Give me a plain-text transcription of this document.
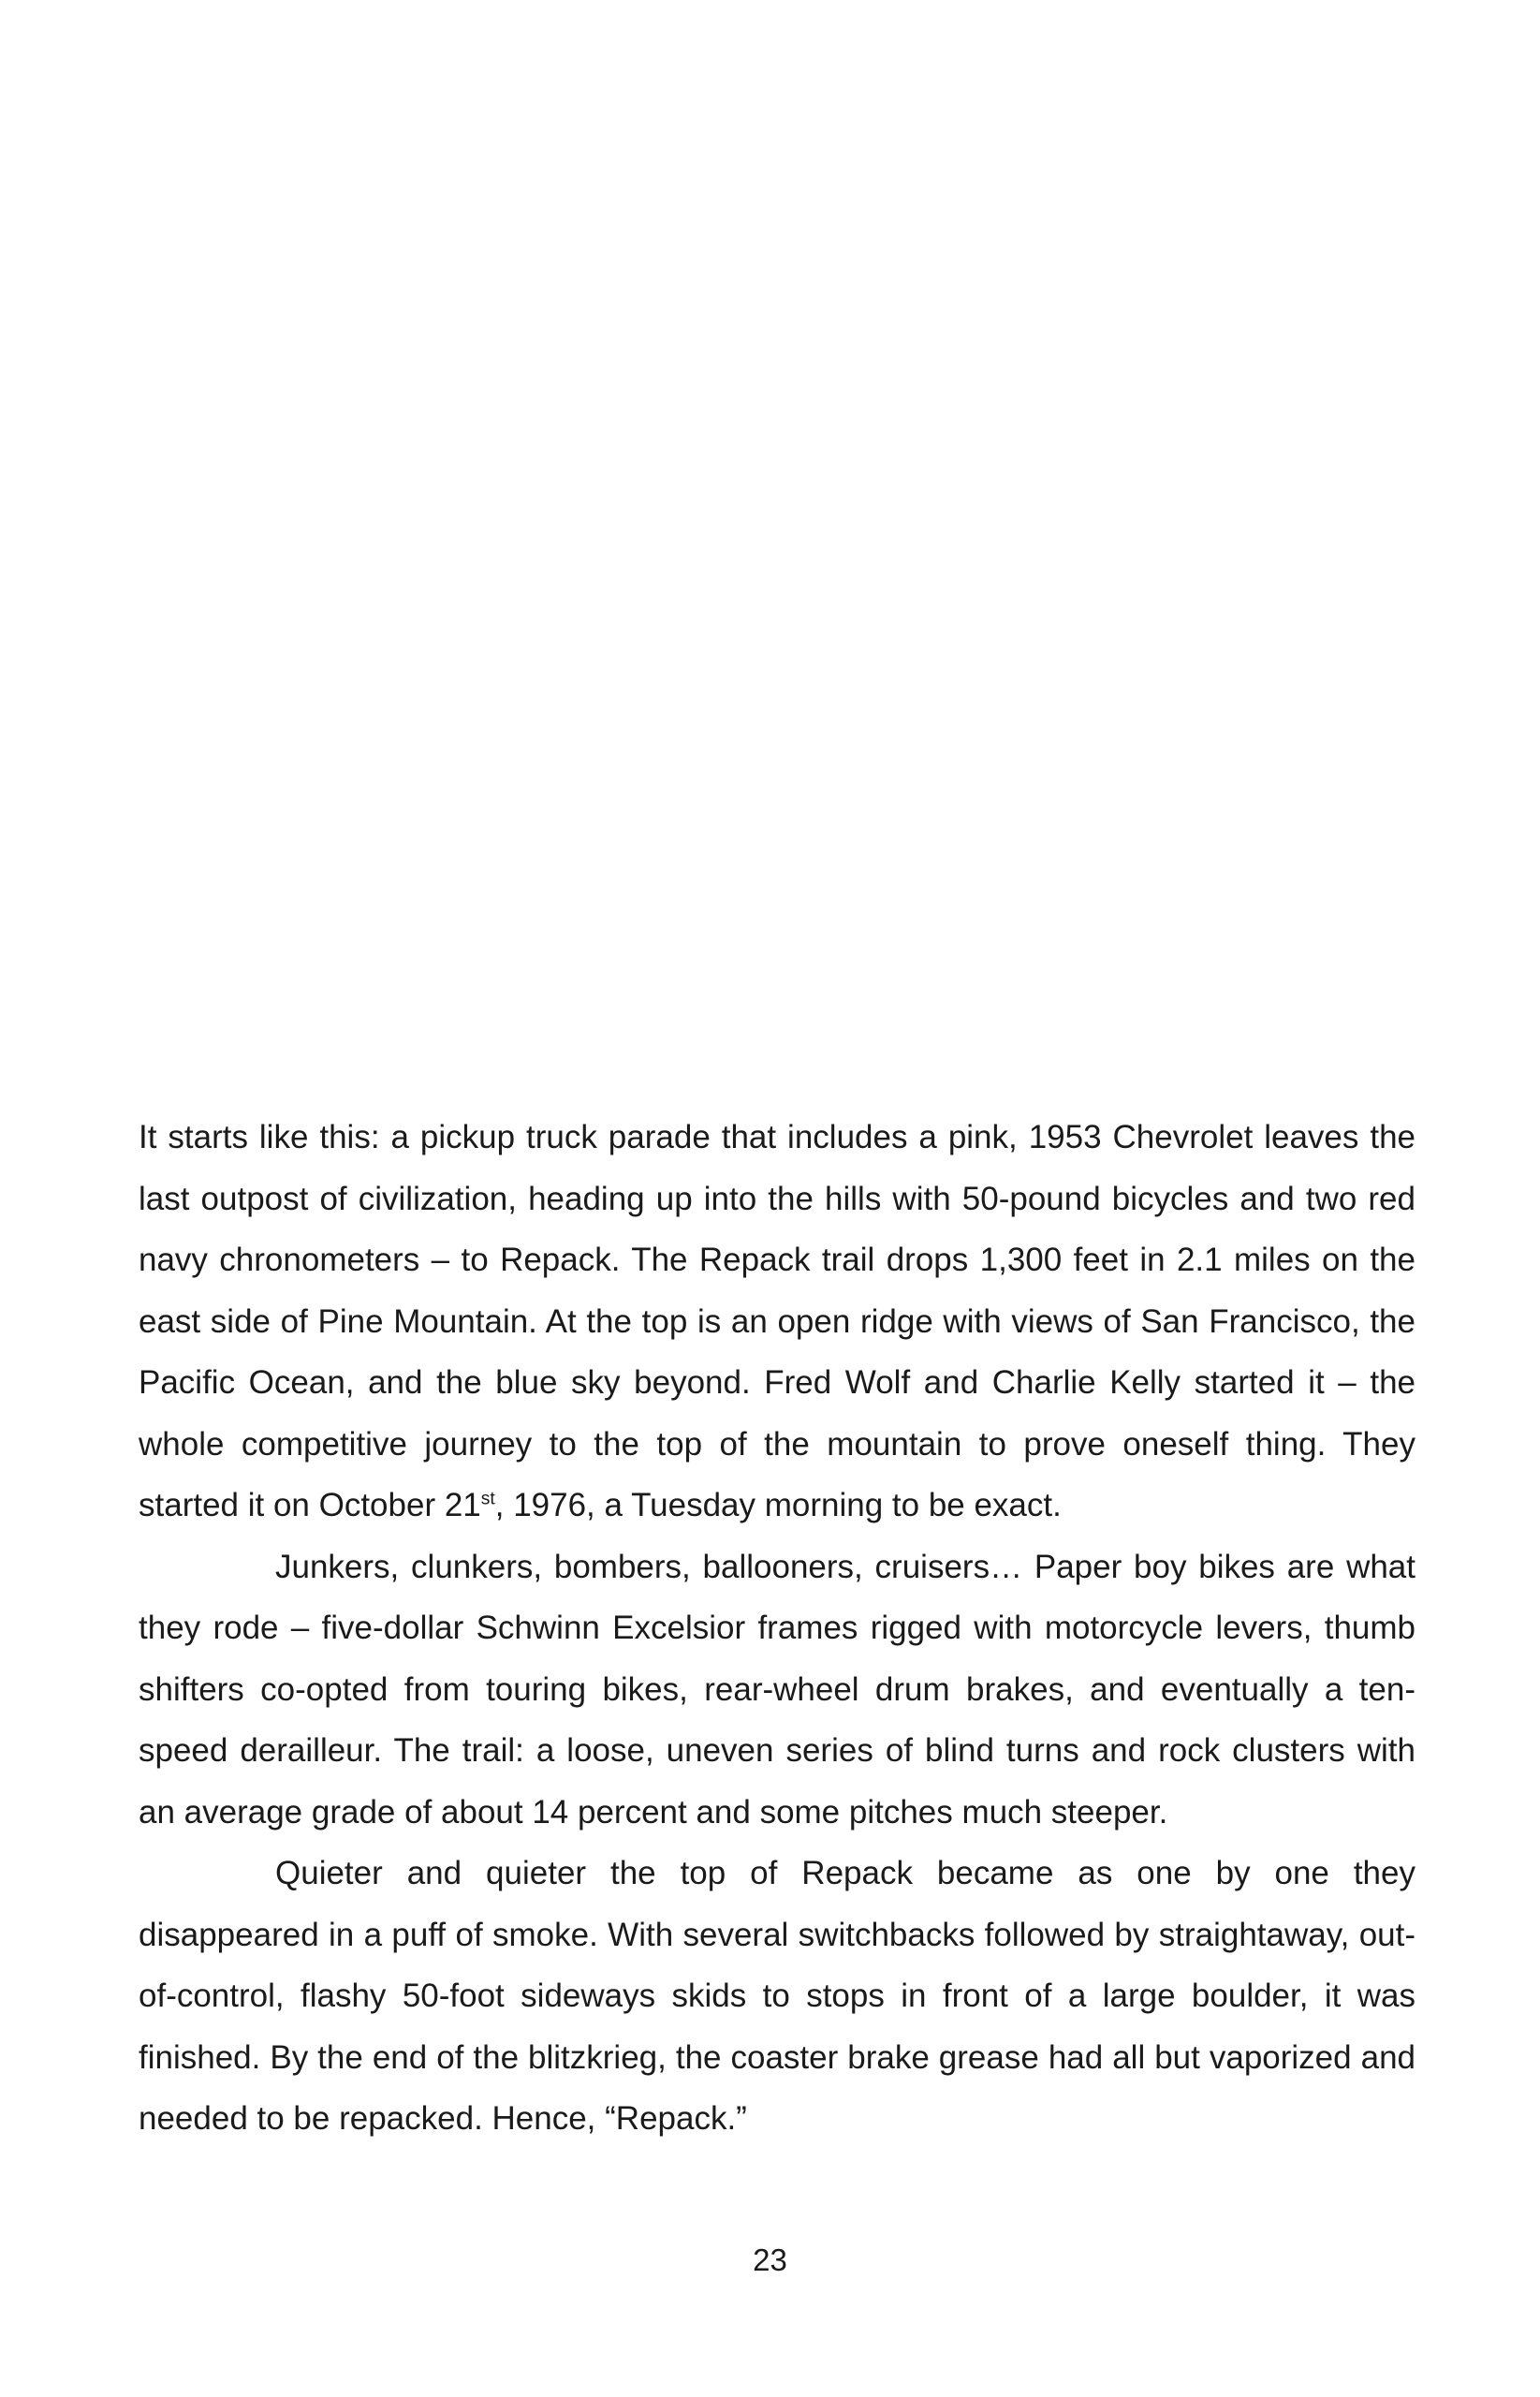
It starts like this: a pickup truck parade that includes a pink, 1953 Chevrolet leaves the last outpost of civilization, heading up into the hills with 50-pound bicycles and two red navy chronometers – to Repack. The Repack trail drops 1,300 feet in 2.1 miles on the east side of Pine Mountain. At the top is an open ridge with views of San Francisco, the Pacific Ocean, and the blue sky beyond. Fred Wolf and Charlie Kelly started it – the whole competitive journey to the top of the mountain to prove oneself thing. They started it on October 21st, 1976, a Tuesday morning to be exact.

Junkers, clunkers, bombers, ballooners, cruisers… Paper boy bikes are what they rode – five-dollar Schwinn Excelsior frames rigged with motorcycle levers, thumb shifters co-opted from touring bikes, rear-wheel drum brakes, and eventually a ten-speed derailleur. The trail: a loose, uneven series of blind turns and rock clusters with an average grade of about 14 percent and some pitches much steeper.

Quieter and quieter the top of Repack became as one by one they disappeared in a puff of smoke. With several switchbacks followed by straightaway, out-of-control, flashy 50-foot sideways skids to stops in front of a large boulder, it was finished. By the end of the blitzkrieg, the coaster brake grease had all but vaporized and needed to be repacked. Hence, “Repack.”

23
